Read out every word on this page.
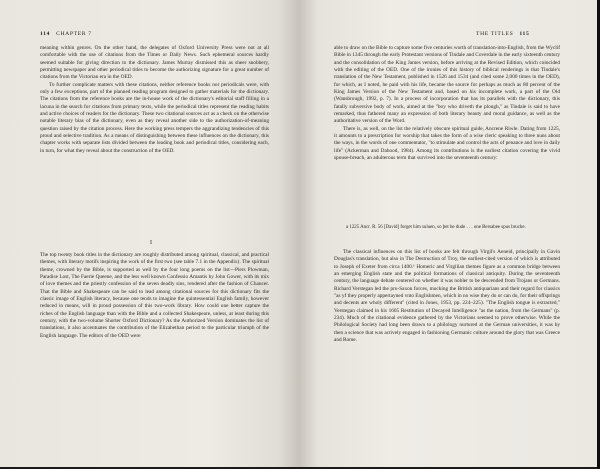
114 CHAPTER 7

meaning within genres. On the other hand, the delegates of Oxford University Press were not at all comfortable with the use of citations from the Times or Daily News. Such ephemeral sources hardly seemed suitable for giving direction to the dictionary. James Murray dismissed this as sheer snobbery, permitting newspaper and other periodical titles to become the authorizing signature for a great number of citations from the Victorian era in the OED.

To further complicate matters with these citations, neither reference books nor periodicals were, with only a few exceptions, part of the planned reading program designed to gather materials for the dictionary. The citations from the reference books are the in-house work of the dictionary's editorial staff filling in a lacuna in the search for citations from primary texts, while the periodical titles represent the reading habits and active choices of readers for the dictionary. These two citational sources act as a check on the otherwise notable literary bias of the dictionary, even as they reveal another side to the authorization-of-meaning question raised by the citation process. Here the working press tempers the aggrandizing tendencies of this proud and selective tradition. As a means of distinguishing between these influences on the dictionary, this chapter works with separate lists divided between the leading book and periodical titles, considering each, in turn, for what they reveal about the construction of the OED.

I

The top twenty book titles in the dictionary are roughly distributed among spiritual, classical, and practical themes, with literary motifs inspiring the work of the first two (see table 7.1 in the Appendix). The spiritual theme, crowned by the Bible, is supported as well by the four long poems on the list—Piers Plowman, Paradise Lost, The Faerie Queene, and the less well known Confessio Amantis by John Gower, with its mix of love themes and the priestly confession of the seven deadly sins, rendered after the fashion of Chaucer. That the Bible and Shakespeare can be said to lead among citational sources for this dictionary fits the classic image of English literacy, because one tends to imagine the quintessential English family, however reduced in means, will in proud possession of this two-work library. How could one better capture the riches of the English language than with the Bible and a collected Shakespeare, unless, at least during this century, with the two-volume Shorter Oxford Dictionary? As the Authorized Version dominates the list of translations, it also accentuates the contribution of the Elizabethan period to the particular triumph of the English language. The editors of the OED were

THE TITLES 115

able to draw on the Bible to capture some five centuries worth of translation-into-English, from the Wyclif Bible in 1345 through the early Protestant versions of Tindale and Coverdale in the early sixteenth century and the consolidation of the King James version, before arriving at the Revised Edition, which coincided with the editing of the OED. One of the ironies of this history of biblical renderings is that Tindale's translation of the New Testament, published in 1526 and 1534 (and cited some 2,000 times in the OED), for which, as I noted, he paid with his life, became the source for perhaps as much as 80 percent of the King James Version of the New Testament and, based on his incomplete work, a part of the Old (Wansbrough, 1992, p. 7). In a process of incorporation that has its parallels with the dictionary, this fatally subversive body of work, aimed at the "boy who driveth the plough," as Tindale is said to have remarked, thus fathered many an expression of both literary beauty and moral guidance, as well as the authoritative version of the Word.

There is, as well, on the list the relatively obscure spiritual guide, Ancrene Riwle. Dating from 1225, it amounts to a prescription for worship that takes the form of a wise cleric speaking to three nuns about the ways, in the words of one commentator, "to stimulate and control the acts of penance and love in daily life" (Ackerman and Dahood, 1984). Among its contributions is the earliest citation covering the vivid spouse-breach, an adulterous term that survived into the seventeenth century:

a 1225 Ancr. R. 56 [David] forget him suluen, so þet he dude . . . one Bersabee spus bruche.

The classical influences on this list of books are felt through Virgil's Aeneid, principally in Gavin Douglas's translation, but also in The Destruction of Troy, the earliest-cited version of which is attributed to Joseph of Exeter from circa 1400.¹ Homeric and Virgilian themes figure as a common bridge between an emerging English state and the political formations of classical antiquity. During the seventeenth century, the language debate centered on whether it was nobler to be descended from Trojans or Germans. Richard Verstegan led the pro-Saxon forces, mocking the British antiquarians and their regard for classics "as yf they properly appertayned vnto Englishmen, which in no wise they do or can do, for their offsprings and decents are wholy different" (cited in Jones, 1953, pp. 224–225). "The English tongue is extracted," Verstegan claimed in his 1605 Restitution of Decayed Intelligence "as the nation, from the Germans" (p. 234). Much of the citational evidence gathered by the Victorians seemed to prove otherwise. While the Philological Society had long been drawn to a philology nurtured at the German universities, it was by then a science that was actively engaged in fashioning Germanic culture around the glory that was Greece and Rome.
